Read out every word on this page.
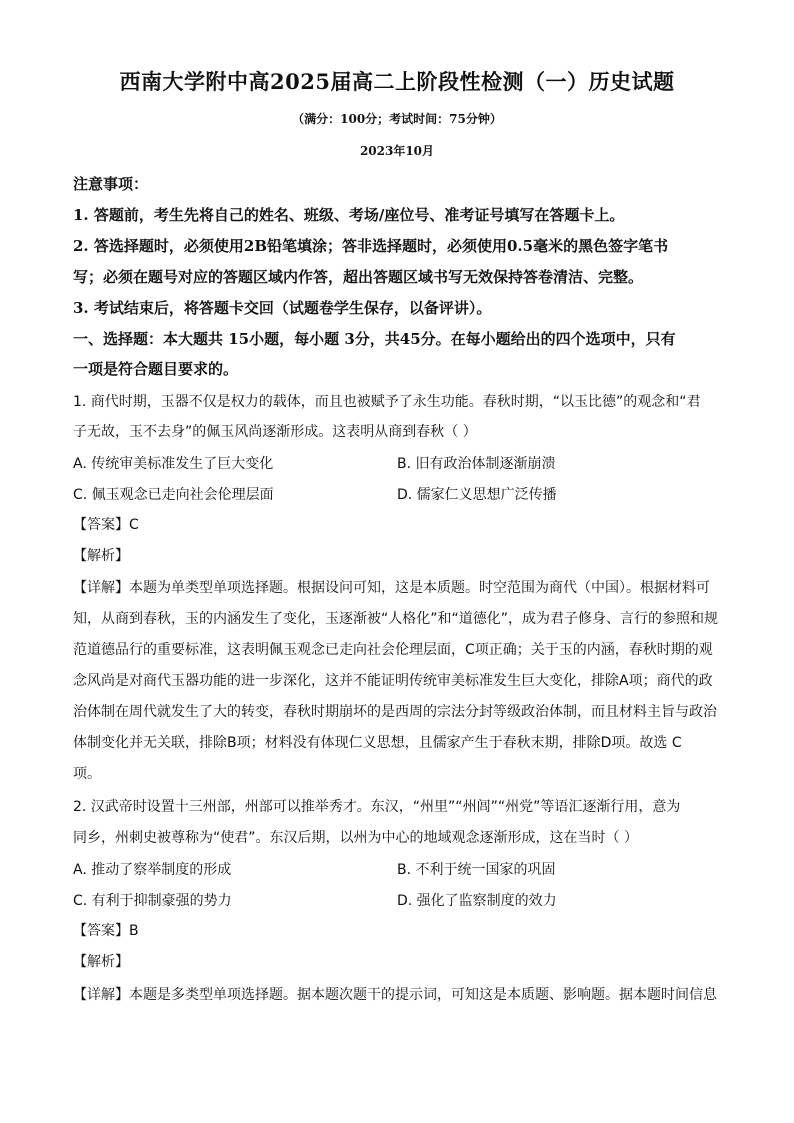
西南大学附中高2025届高二上阶段性检测（一）历史试题
（满分：100分；考试时间：75分钟）
2023年10月
注意事项：
1. 答题前，考生先将自己的姓名、班级、考场/座位号、准考证号填写在答题卡上。
2. 答选择题时，必须使用2B铅笔填涂；答非选择题时，必须使用0.5毫米的黑色签字笔书
写；必须在题号对应的答题区域内作答，超出答题区域书写无效保持答卷清洁、完整。
3. 考试结束后，将答题卡交回（试题卷学生保存，以备评讲）。
一、选择题：本大题共 15小题，每小题 3分，共45分。在每小题给出的四个选项中，只有
一项是符合题目要求的。
1. 商代时期，玉器不仅是权力的载体，而且也被赋予了永生功能。春秋时期，“以玉比德”的观念和“君
子无故，玉不去身”的佩玉风尚逐渐形成。这表明从商到春秋（ ）
A. 传统审美标准发生了巨大变化	B. 旧有政治体制逐渐崩溃
C. 佩玉观念已走向社会伦理层面	D. 儒家仁义思想广泛传播
【答案】C
【解析】
【详解】本题为单类型单项选择题。根据设问可知，这是本质题。时空范围为商代（中国）。根据材料可
知，从商到春秋，玉的内涵发生了变化，玉逐渐被“人格化”和“道德化”，成为君子修身、言行的参照和规
范道德品行的重要标准，这表明佩玉观念已走向社会伦理层面，C项正确；关于玉的内涵，春秋时期的观
念风尚是对商代玉器功能的进一步深化，这并不能证明传统审美标准发生巨大变化，排除A项；商代的政
治体制在周代就发生了大的转变，春秋时期崩坏的是西周的宗法分封等级政治体制，而且材料主旨与政治
体制变化并无关联，排除B项；材料没有体现仁义思想，且儒家产生于春秋末期，排除D项。故选 C
项。
2. 汉武帝时设置十三州部，州部可以推举秀才。东汉，“州里”“州闾”“州党”等语汇逐渐行用，意为
同乡，州刺史被尊称为“使君”。东汉后期，以州为中心的地域观念逐渐形成，这在当时（ ）
A. 推动了察举制度的形成	B. 不利于统一国家的巩固
C. 有利于抑制豪强的势力	D. 强化了监察制度的效力
【答案】B
【解析】
【详解】本题是多类型单项选择题。据本题次题干的提示词，可知这是本质题、影响题。据本题时间信息
